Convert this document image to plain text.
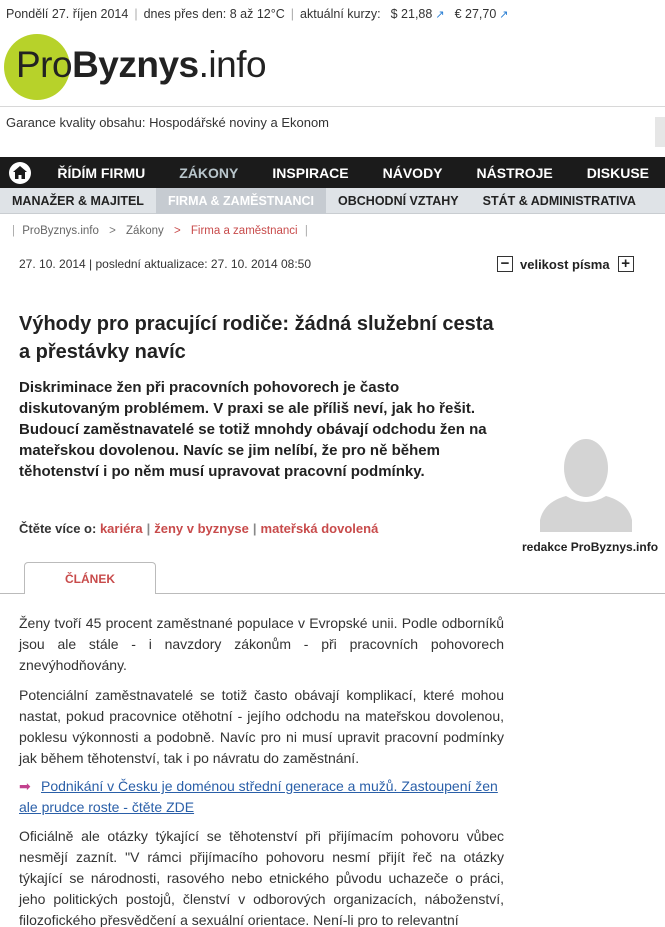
Pondělí 27. říjen 2014 | dnes přes den: 8 až 12°C | aktuální kurzy: $ 21,88 ↗ € 27,70 ↗
ProByznys.info
Garance kvality obsahu: Hospodářské noviny a Ekonom
ŘÍDÍM FIRMU	ZÁKONY	INSPIRACE	NÁVODY	NÁSTROJE	DISKUSE
MANAŽER & MAJITEL	FIRMA & ZAMĚSTNANCI	OBCHODNÍ VZTAHY	STÁT & ADMINISTRATIVA
| ProByznys.info > Zákony > Firma a zaměstnanci |
27. 10. 2014 | poslední aktualizace: 27. 10. 2014 08:50	− velikost písma +
Výhody pro pracující rodiče: žádná služební cesta a přestávky navíc
Diskriminace žen při pracovních pohovorech je často diskutovaným problémem. V praxi se ale příliš neví, jak ho řešit. Budoucí zaměstnavatelé se totiž mnohdy obávají odchodu žen na mateřskou dovolenou. Navíc se jim nelíbí, že pro ně během těhotenství i po něm musí upravovat pracovní podmínky.
Čtěte více o: kariéra | ženy v byznyse | mateřská dovolená
redakce ProByznys.info
ČLÁNEK
Ženy tvoří 45 procent zaměstnané populace v Evropské unii. Podle odborníků jsou ale stále - i navzdory zákonům - při pracovních pohovorech znevýhodňovány.
Potenciální zaměstnavatelé se totiž často obávají komplikací, které mohou nastat, pokud pracovnice otěhotní - jejího odchodu na mateřskou dovolenou, poklesu výkonnosti a podobně. Navíc pro ni musí upravit pracovní podmínky jak během těhotenství, tak i po návratu do zaměstnání.
➡ Podnikání v Česku je doménou střední generace a mužů. Zastoupení žen ale prudce roste - čtěte ZDE
Oficiálně ale otázky týkající se těhotenství při přijímacím pohovoru vůbec nesmějí zaznít. "V rámci přijímacího pohovoru nesmí přijít řeč na otázky týkající se národnosti, rasového nebo etnického původu uchazeče o práci, jeho politických postojů, členství v odborových organizacích, náboženství, filozofického přesvědčení a sexuální orientace. Není-li pro to relevantní
